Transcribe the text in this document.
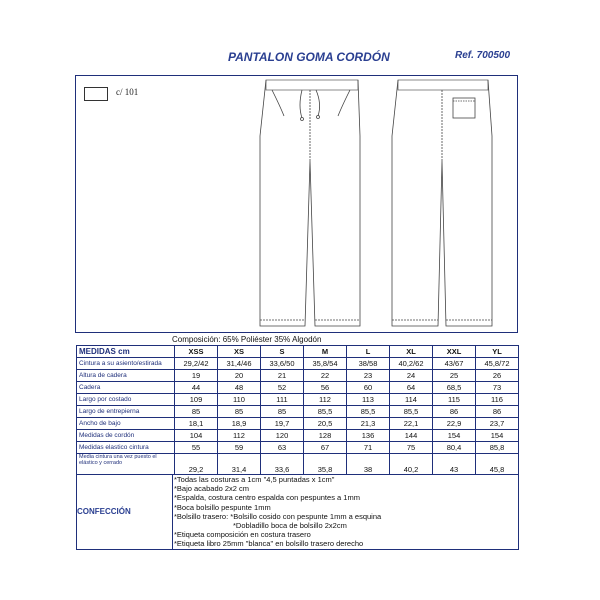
PANTALON GOMA CORDÓN	Ref. 700500
c/ 101
Composición: 65% Poliéster 35% Algodón
MEDIDAS cm	XSS	XS	S	M	L	XL	XXL	YL
Cintura a su asiento/estirada	29,2/42	31,4/46	33,6/50	35,8/54	38/58	40,2/62	43/67	45,8/72
Altura de cadera	19	20	21	22	23	24	25	26
Cadera	44	48	52	56	60	64	68,5	73
Largo por costado	109	110	111	112	113	114	115	116
Largo de entrepierna	85	85	85	85,5	85,5	85,5	86	86
Ancho de bajo	18,1	18,9	19,7	20,5	21,3	22,1	22,9	23,7
Medidas de cordón	104	112	120	128	136	144	154	154
Medidas elastico cintura	55	59	63	67	71	75	80,4	85,8
Media cintura una vez puesto el elástico y cerrado	29,2	31,4	33,6	35,8	38	40,2	43	45,8
CONFECCIÓN	
*Todas las costuras a 1cm "4,5 puntadas x 1cm"
*Bajo acabado 2x2 cm
*Espalda, costura centro espalda con pespuntes a 1mm
*Boca bolsillo pespunte 1mm
*Bolsillo trasero: *Bolsillo cosido con pespunte 1mm a esquina
*Dobladillo boca de bolsillo 2x2cm
*Etiqueta composición en costura trasero
*Etiqueta libro 25mm "blanca" en bolsillo trasero derecho
